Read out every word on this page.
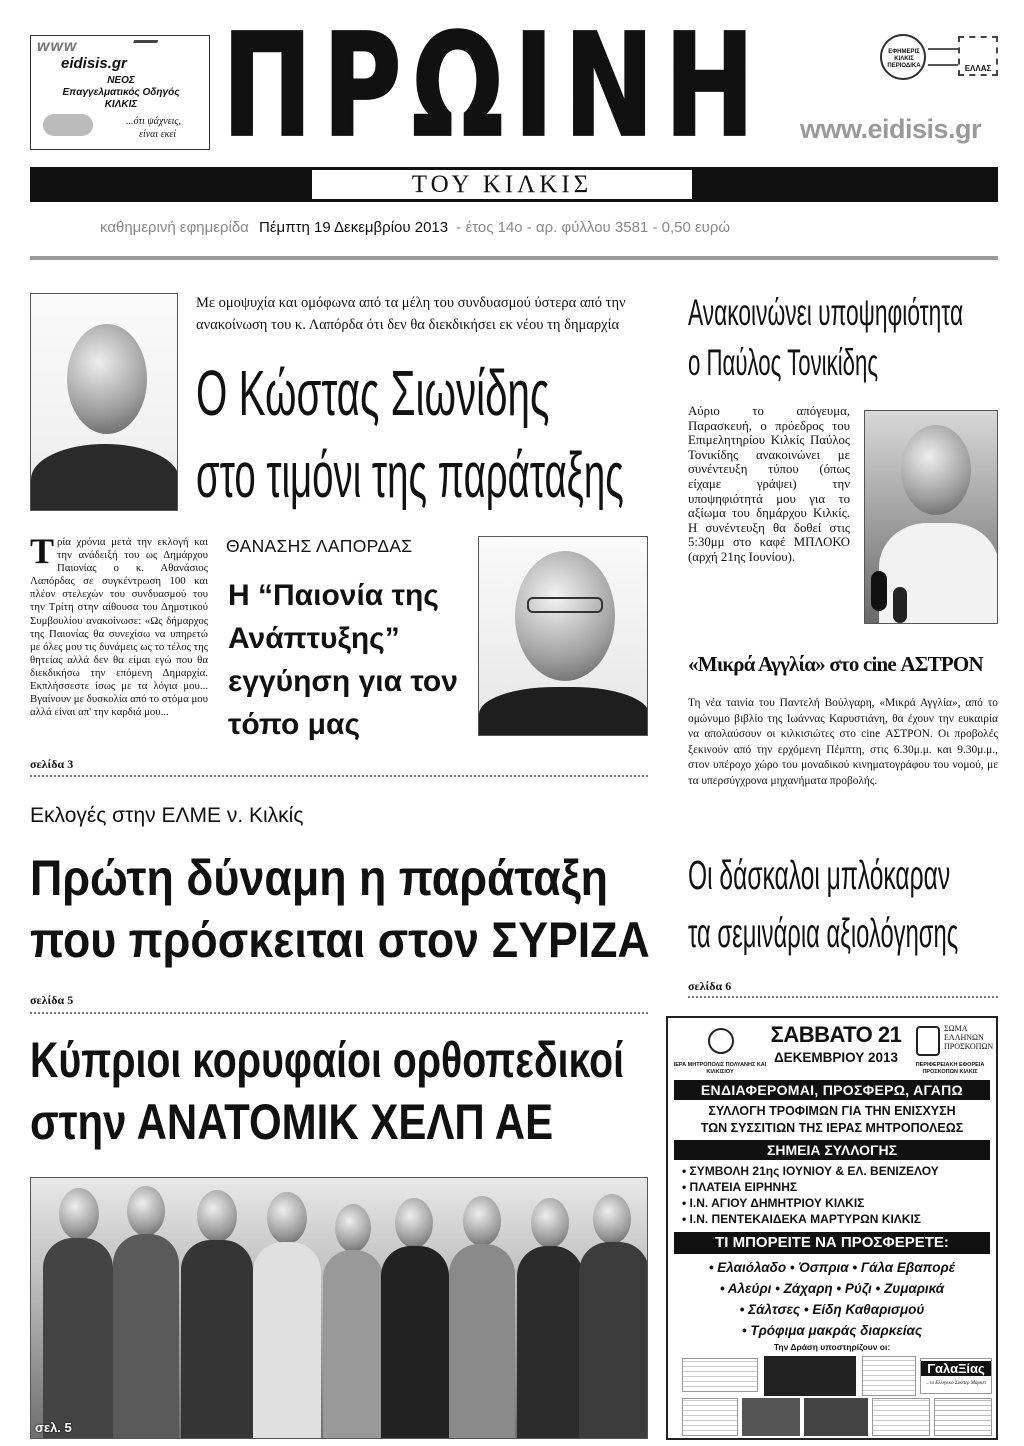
www
eidisis.gr
ΝΕΟΣ
Επαγγελματικός Οδηγός
ΚΙΛΚΙΣ
...ότι ψάχνεις,
είναι εκεί ΠΡΩΙΝΗ	ΕΦΗΜΕΡΙΣ ΚΙΛΚΙΣ ΠΕΡΙΟΔΙΚΑ	ΕΛΛΑΣ
www.eidisis.gr
ΤΟΥ ΚΙΛΚΙΣ
καθημερινή εφημερίδα Πέμπτη 19 Δεκεμβρίου 2013 - έτος 14ο - αρ. φύλλου 3581 - 0,50 ευρώ
Με ομοψυχία και ομόφωνα από τα μέλη του συνδυασμού ύστερα από την ανακοίνωση του κ. Λαπόρδα ότι δεν θα διεκδικήσει εκ νέου τη δημαρχία
Ο Κώστας Σιωνίδης
στο τιμόνι της παράταξης
Τ ρία χρόνια μετά την εκλογή και την ανάδειξή του ως Δημάρχου Παιονίας ο κ. Αθανάσιος Λαπόρδας σε συγκέντρωση 100 και πλέον στελεχών του συνδυασμού του την Τρίτη στην αίθουσα του Δημοτικού Συμβουλίου ανακοίνωσε: «Ως δήμαρχος της Παιονίας θα συνεχίσω να υπηρετώ με όλες μου τις δυνάμεις ως το τέλος της θητείας αλλά δεν θα είμαι εγώ που θα διεκδικήσω την επόμενη Δημαρχία. Εκπλήσσεστε ίσως με τα λόγια μου... Βγαίνουν με δυσκολία από το στόμα μου αλλά είναι απ' την καρδιά μου...
ΘΑΝΑΣΗΣ ΛΑΠΟΡΔΑΣ
Η “Παιονία της Ανάπτυξης” εγγύηση για τον τόπο μας
σελίδα 3
Ανακοινώνει υποψηφιότητα
ο Παύλος Τονικίδης
Αύριο το απόγευμα, Παρασκευή, ο πρόεδρος του Επιμελητηρίου Κιλκίς Παύλος Τονικίδης ανακοινώνει με συνέντευξη τύπου (όπως είχαμε γράψει) την υποψηφιότητά μου για το αξίωμα του δημάρχου Κιλκίς. Η συνέντευξη θα δοθεί στις 5:30μμ στο καφέ ΜΠΛΟΚΟ (αρχή 21ης Ιουνίου).
«Μικρά Αγγλία» στο cine ΑΣΤΡΟΝ
Τη νέα ταινία του Παντελή Βούλγαρη, «Μικρά Αγγλία», από το ομώνυμο βιβλίο της Ιωάννας Καρυστιάνη, θα έχουν την ευκαιρία να απολαύσουν οι κιλκισιώτες στο cine ΑΣΤΡΟΝ. Οι προβολές ξεκινούν από την ερχόμενη Πέμπτη, στις 6.30μ.μ. και 9.30μ.μ., στον υπέροχο χώρο του μοναδικού κινηματογράφου του νομού, με τα υπερσύγχρονα μηχανήματα προβολής.
Εκλογές στην ΕΛΜΕ ν. Κιλκίς
Πρώτη δύναμη η παράταξη
που πρόσκειται στον ΣΥΡΙΖΑ
σελίδα 5
Οι δάσκαλοι μπλόκαραν
τα σεμινάρια αξιολόγησης
σελίδα 6
Κύπριοι κορυφαίοι ορθοπεδικοί
στην ΑΝΑΤΟΜΙΚ ΧΕΛΠ ΑΕ
σελ. 5
ΙΕΡΑ ΜΗΤΡΟΠΟΛΙΣ ΠΟΛΥΑΝΗΣ ΚΑΙ ΚΙΛΚΙΣΙΟΥ
ΣΑΒΒΑΤΟ 21
ΔΕΚΕΜΒΡΙΟΥ 2013
ΣΩΜΑ
ΕΛΛΗΝΩΝ
ΠΡΟΣΚΟΠΩΝ
ΠΕΡΙΦΕΡΕΙΑΚΗ ΕΦΟΡΕΙΑ ΠΡΟΣΚΟΠΩΝ ΚΙΛΚΙΣ
ΕΝΔΙΑΦΕΡΟΜΑΙ, ΠΡΟΣΦΕΡΩ, ΑΓΑΠΩ
ΣΥΛΛΟΓΗ ΤΡΟΦΙΜΩΝ ΓΙΑ ΤΗΝ ΕΝΙΣΧΥΣΗ
ΤΩΝ ΣΥΣΣΙΤΙΩΝ ΤΗΣ ΙΕΡΑΣ ΜΗΤΡΟΠΟΛΕΩΣ
ΣΗΜΕΙΑ ΣΥΛΛΟΓΗΣ
• ΣΥΜΒΟΛΗ 21ης ΙΟΥΝΙΟΥ & ΕΛ. ΒΕΝΙΖΕΛΟΥ
• ΠΛΑΤΕΙΑ ΕΙΡΗΝΗΣ
• Ι.Ν. ΑΓΙΟΥ ΔΗΜΗΤΡΙΟΥ ΚΙΛΚΙΣ
• Ι.Ν. ΠΕΝΤΕΚΑΙΔΕΚΑ ΜΑΡΤΥΡΩΝ ΚΙΛΚΙΣ
ΤΙ ΜΠΟΡΕΙΤΕ ΝΑ ΠΡΟΣΦΕΡΕΤΕ:
• Ελαιόλαδο • Όσπρια • Γάλα Εβαπορέ
• Αλεύρι • Ζάχαρη • Ρύζι • Ζυμαρικά
• Σάλτσες • Είδη Καθαρισμού
• Τρόφιμα μακράς διαρκείας
Την Δράση υποστηρίζουν οι:
ΓαλαΞίας
...το Ελληνικό Σούπερ Μάρκετ
